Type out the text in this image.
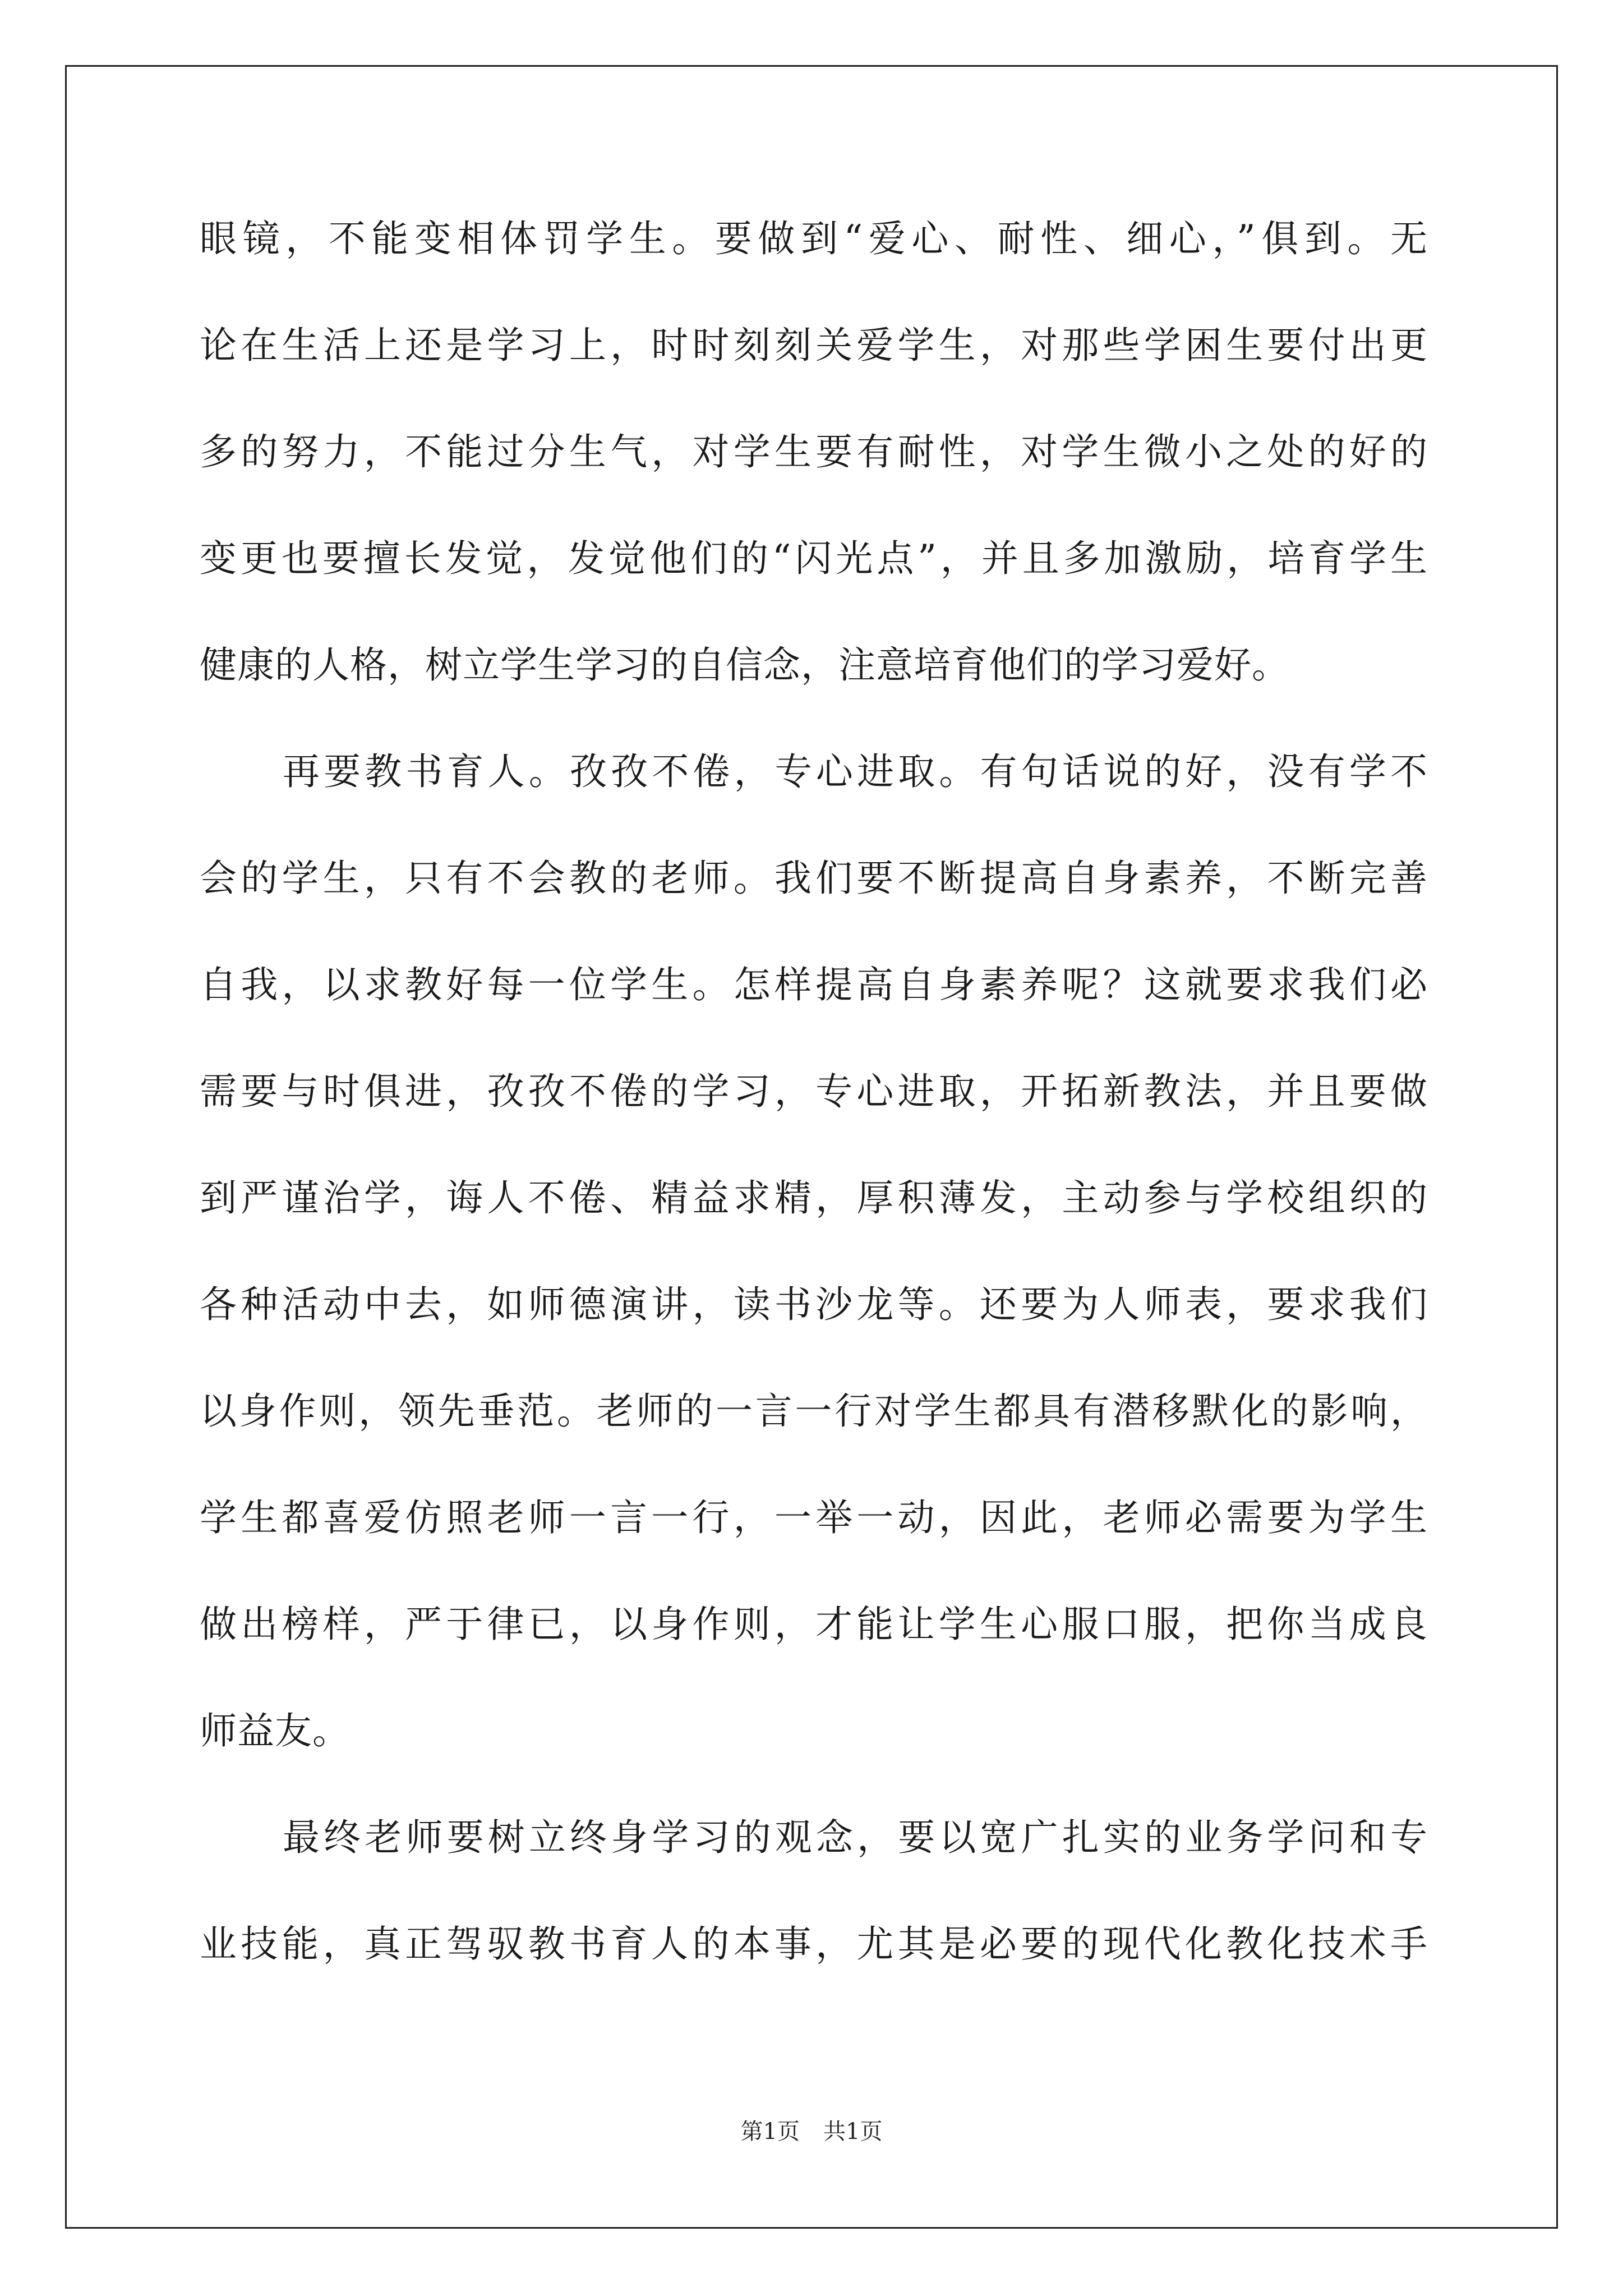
眼镜，不能变相体罚学生。要做到“爱心、耐性、细心，”俱到。无
论在生活上还是学习上，时时刻刻关爱学生，对那些学困生要付出更
多的努力，不能过分生气，对学生要有耐性，对学生微小之处的好的
变更也要擅长发觉，发觉他们的“闪光点”，并且多加激励，培育学生
健康的人格，树立学生学习的自信念，注意培育他们的学习爱好。
再要教书育人。孜孜不倦，专心进取。有句话说的好，没有学不
会的学生，只有不会教的老师。我们要不断提高自身素养，不断完善
自我，以求教好每一位学生。怎样提高自身素养呢？这就要求我们必
需要与时俱进，孜孜不倦的学习，专心进取，开拓新教法，并且要做
到严谨治学，诲人不倦、精益求精，厚积薄发，主动参与学校组织的
各种活动中去，如师德演讲，读书沙龙等。还要为人师表，要求我们
以身作则，领先垂范。老师的一言一行对学生都具有潜移默化的影响，
学生都喜爱仿照老师一言一行，一举一动，因此，老师必需要为学生
做出榜样，严于律已，以身作则，才能让学生心服口服，把你当成良
师益友。
最终老师要树立终身学习的观念，要以宽广扎实的业务学问和专
业技能，真正驾驭教书育人的本事，尤其是必要的现代化教化技术手
第1页 共1页
